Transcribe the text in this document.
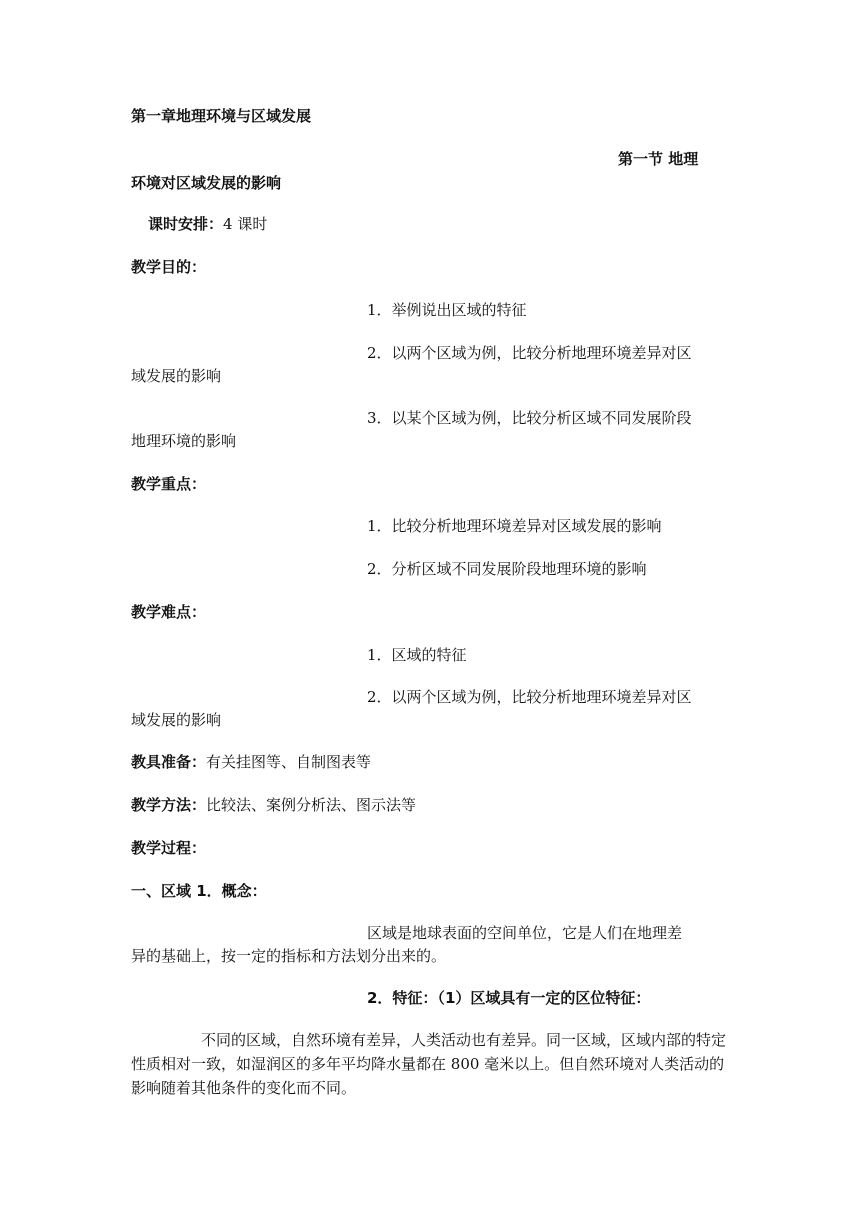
第一章地理环境与区域发展
第一节 地理
环境对区域发展的影响
课时安排：4 课时
教学目的：
1．举例说出区域的特征
2．以两个区域为例，比较分析地理环境差异对区
域发展的影响
3．以某个区域为例，比较分析区域不同发展阶段
地理环境的影响
教学重点：
1．比较分析地理环境差异对区域发展的影响
2．分析区域不同发展阶段地理环境的影响
教学难点：
1．区域的特征
2．以两个区域为例，比较分析地理环境差异对区
域发展的影响
教具准备：有关挂图等、自制图表等
教学方法：比较法、案例分析法、图示法等
教学过程：
一、区域 1．概念：
区域是地球表面的空间单位，它是人们在地理差
异的基础上，按一定的指标和方法划分出来的。
2．特征：（1）区域具有一定的区位特征：
不同的区域，自然环境有差异，人类活动也有差异。同一区域，区域内部的特定性质相对一致，如湿润区的多年平均降水量都在 800 毫米以上。但自然环境对人类活动的影响随着其他条件的变化而不同。
